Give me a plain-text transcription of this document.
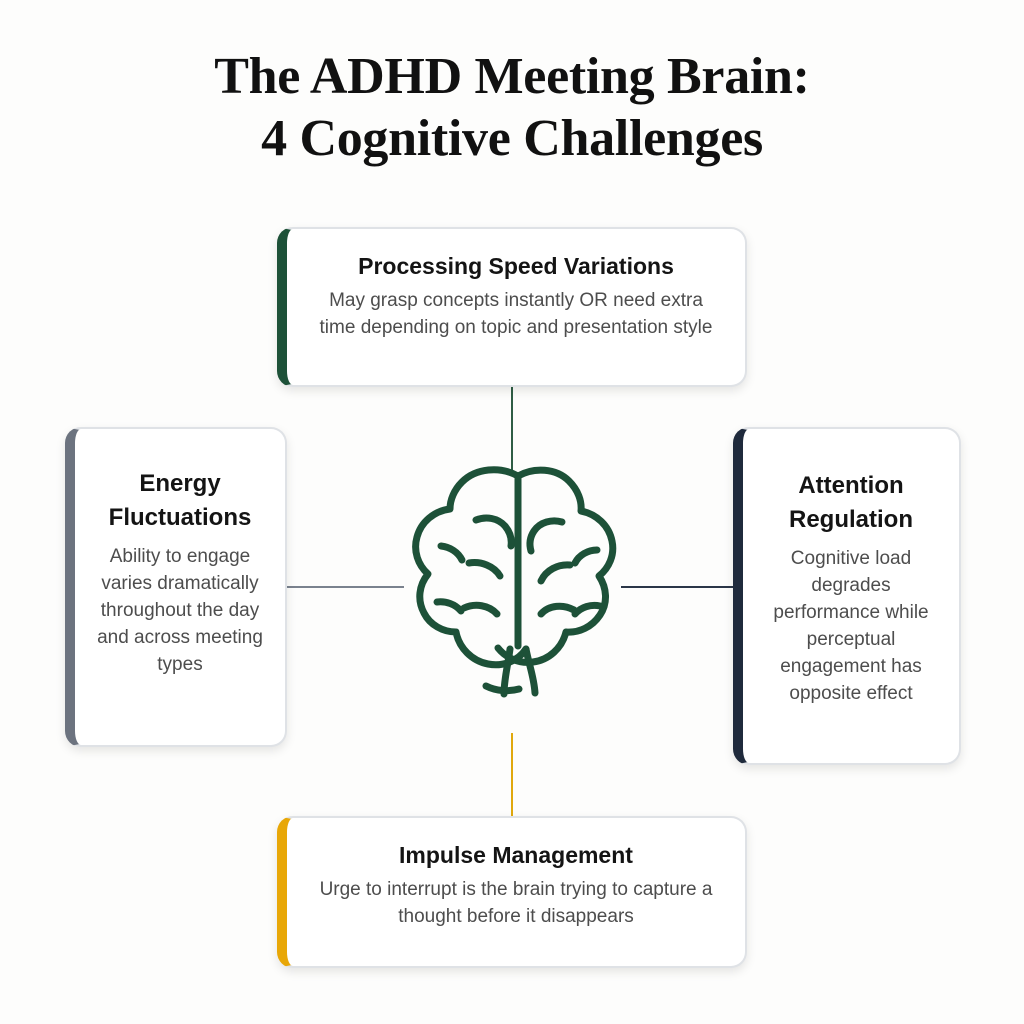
The ADHD Meeting Brain:
4 Cognitive Challenges
Processing Speed Variations
May grasp concepts instantly OR need extra time depending on topic and presentation style
Energy Fluctuations
Ability to engage varies dramatically throughout the day and across meeting types
Attention Regulation
Cognitive load degrades performance while perceptual engagement has opposite effect
Impulse Management
Urge to interrupt is the brain trying to capture a thought before it disappears
